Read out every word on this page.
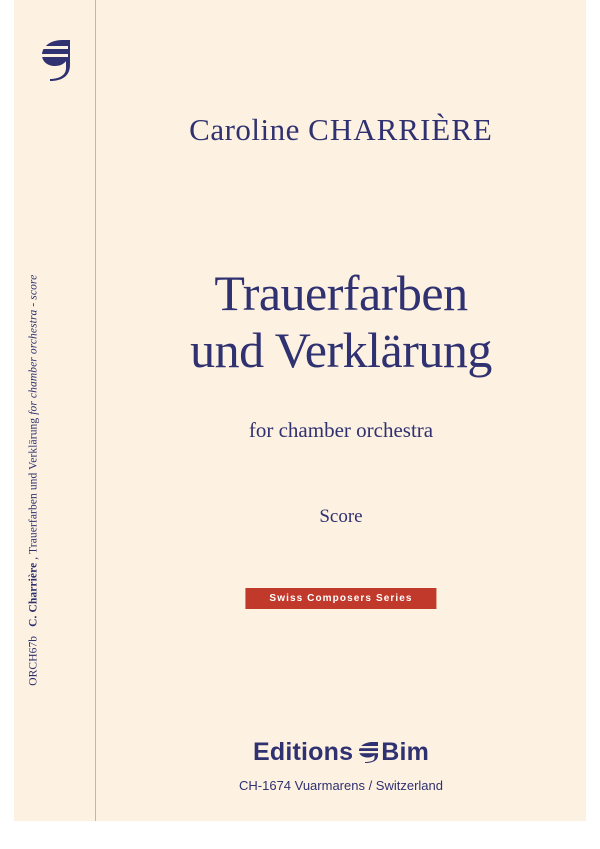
ORCH67b   C. Charrière , Trauerfarben und Verklärung for chamber orchestra - score
Caroline CHARRIÈRE
Trauerfarben
und Verklärung
for chamber orchestra
Score
Swiss Composers Series
Editions Bim
CH-1674 Vuarmarens / Switzerland
